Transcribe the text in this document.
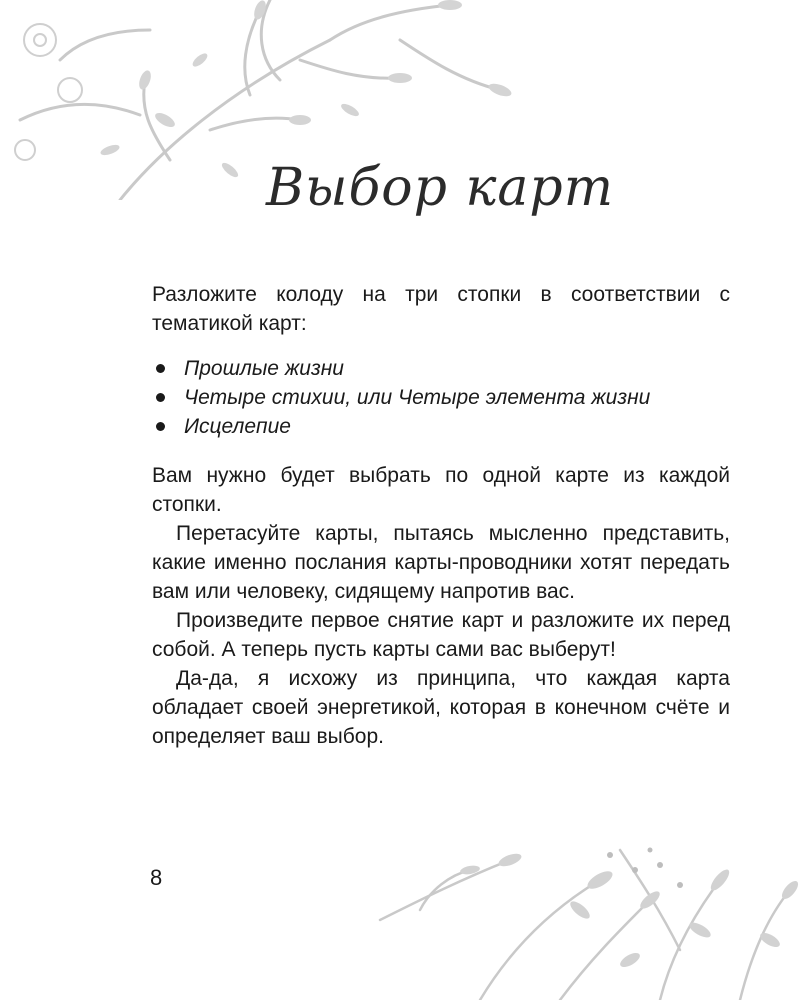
Выбор карт

Разложите колоду на три стопки в соответствии с тематикой карт:

Прошлые жизни
Четыре стихии, или Четыре элемента жизни
Исцелепие

Вам нужно будет выбрать по одной карте из каждой стопки.

Перетасуйте карты, пытаясь мысленно представить, какие именно послания карты-проводники хотят передать вам или человеку, сидящему напротив вас.

Произведите первое снятие карт и разложите их перед собой. А теперь пусть карты сами вас выберут!

Да-да, я исхожу из принципа, что каждая карта обладает своей энергетикой, которая в конечном счёте и определяет ваш выбор.

8
